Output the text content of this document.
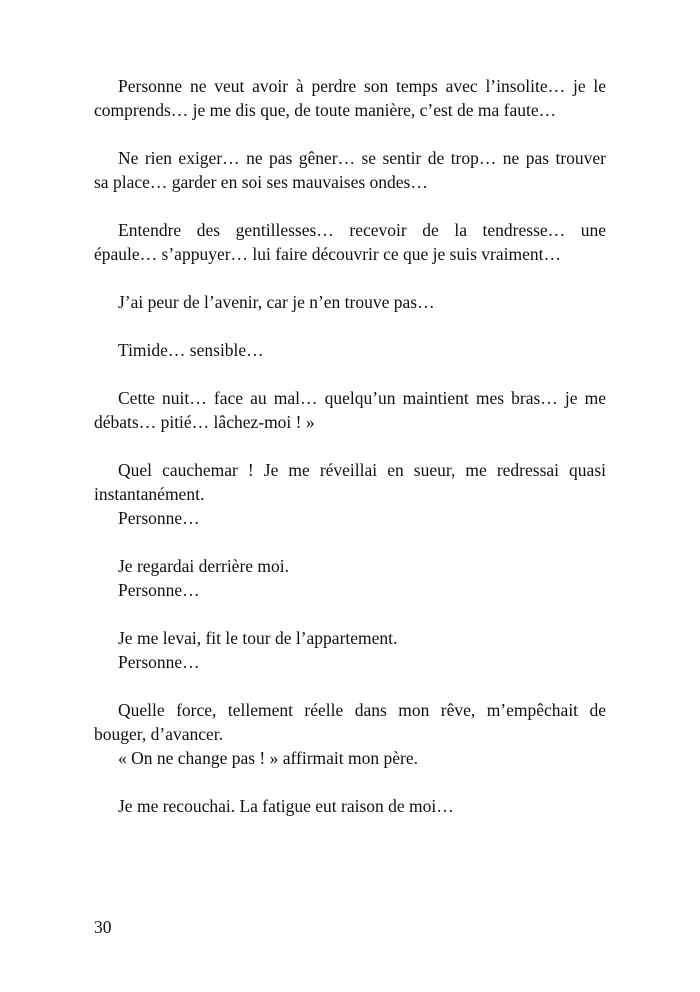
Personne ne veut avoir à perdre son temps avec l’insolite… je le
comprends… je me dis que, de toute manière, c’est de ma faute…

Ne rien exiger… ne pas gêner… se sentir de trop… ne pas trouver
sa place… garder en soi ses mauvaises ondes…

Entendre des gentillesses… recevoir de la tendresse… une
épaule… s’appuyer… lui faire découvrir ce que je suis vraiment…

J’ai peur de l’avenir, car je n’en trouve pas…

Timide… sensible…

Cette nuit… face au mal… quelqu’un maintient mes bras… je me
débats… pitié… lâchez-moi ! »

Quel cauchemar ! Je me réveillai en sueur, me redressai quasi
instantanément.
Personne…

Je regardai derrière moi.
Personne…

Je me levai, fit le tour de l’appartement.
Personne…

Quelle force, tellement réelle dans mon rêve, m’empêchait de
bouger, d’avancer.
« On ne change pas ! » affirmait mon père.

Je me recouchai. La fatigue eut raison de moi…

30
